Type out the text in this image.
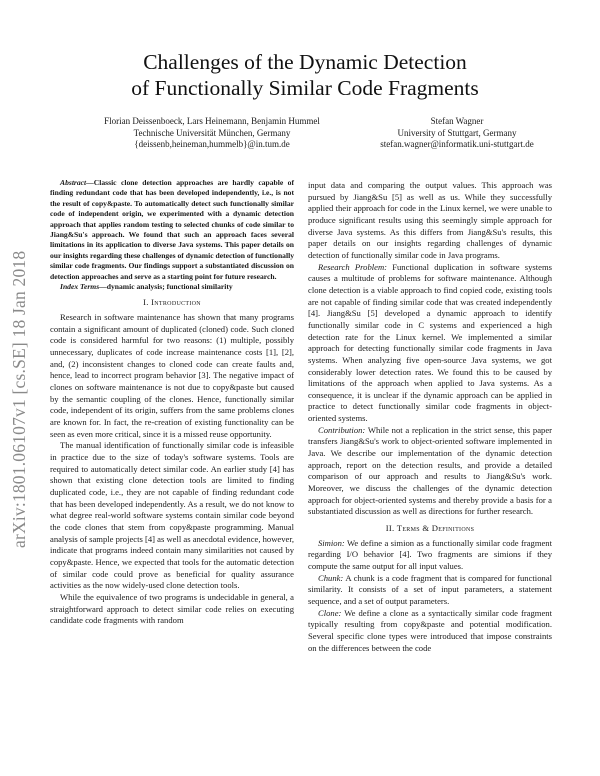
Challenges of the Dynamic Detection
of Functionally Similar Code Fragments
Florian Deissenboeck, Lars Heinemann, Benjamin Hummel
Technische Universität München, Germany
{deissenb,heineman,hummelb}@in.tum.de
Stefan Wagner
University of Stuttgart, Germany
stefan.wagner@informatik.uni-stuttgart.de
arXiv:1801.06107v1 [cs.SE] 18 Jan 2018

Abstract—Classic clone detection approaches are hardly capable of finding redundant code that has been developed independently, i.e., is not the result of copy&paste. To automatically detect such functionally similar code of independent origin, we experimented with a dynamic detection approach that applies random testing to selected chunks of code similar to Jiang&Su's approach. We found that such an approach faces several limitations in its application to diverse Java systems. This paper details on our insights regarding these challenges of dynamic detection of functionally similar code fragments. Our findings support a substantiated discussion on detection approaches and serve as a starting point for future research.

Index Terms—dynamic analysis; functional similarity

I. Introduction

Research in software maintenance has shown that many programs contain a significant amount of duplicated (cloned) code. Such cloned code is considered harmful for two reasons: (1) multiple, possibly unnecessary, duplicates of code increase maintenance costs [1], [2], and, (2) inconsistent changes to cloned code can create faults and, hence, lead to incorrect program behavior [3]. The negative impact of clones on software maintenance is not due to copy&paste but caused by the semantic coupling of the clones. Hence, functionally similar code, independent of its origin, suffers from the same problems clones are known for. In fact, the re-creation of existing functionality can be seen as even more critical, since it is a missed reuse opportunity.

The manual identification of functionally similar code is infeasible in practice due to the size of today's software systems. Tools are required to automatically detect similar code. An earlier study [4] has shown that existing clone detection tools are limited to finding duplicated code, i.e., they are not capable of finding redundant code that has been developed independently. As a result, we do not know to what degree real-world software systems contain similar code beyond the code clones that stem from copy&paste programming. Manual analysis of sample projects [4] as well as anecdotal evidence, however, indicate that programs indeed contain many similarities not caused by copy&paste. Hence, we expected that tools for the automatic detection of similar code could prove as beneficial for quality assurance activities as the now widely-used clone detection tools.

While the equivalence of two programs is undecidable in general, a straightforward approach to detect similar code relies on executing candidate code fragments with random

input data and comparing the output values. This approach was pursued by Jiang&Su [5] as well as us. While they successfully applied their approach for code in the Linux kernel, we were unable to produce significant results using this seemingly simple approach for diverse Java systems. As this differs from Jiang&Su's results, this paper details on our insights regarding challenges of dynamic detection of functionally similar code in Java programs.

Research Problem: Functional duplication in software systems causes a multitude of problems for software maintenance. Although clone detection is a viable approach to find copied code, existing tools are not capable of finding similar code that was created independently [4]. Jiang&Su [5] developed a dynamic approach to identify functionally similar code in C systems and experienced a high detection rate for the Linux kernel. We implemented a similar approach for detecting functionally similar code fragments in Java systems. When analyzing five open-source Java systems, we got considerably lower detection rates. We found this to be caused by limitations of the approach when applied to Java systems. As a consequence, it is unclear if the dynamic approach can be applied in practice to detect functionally similar code fragments in object-oriented systems.

Contribution: While not a replication in the strict sense, this paper transfers Jiang&Su's work to object-oriented software implemented in Java. We describe our implementation of the dynamic detection approach, report on the detection results, and provide a detailed comparison of our approach and results to Jiang&Su's work. Moreover, we discuss the challenges of the dynamic detection approach for object-oriented systems and thereby provide a basis for a substantiated discussion as well as directions for further research.

II. Terms & Definitions

Simion: We define a simion as a functionally similar code fragment regarding I/O behavior [4]. Two fragments are simions if they compute the same output for all input values.

Chunk: A chunk is a code fragment that is compared for functional similarity. It consists of a set of input parameters, a statement sequence, and a set of output parameters.

Clone: We define a clone as a syntactically similar code fragment typically resulting from copy&paste and potential modification. Several specific clone types were introduced that impose constraints on the differences between the code
